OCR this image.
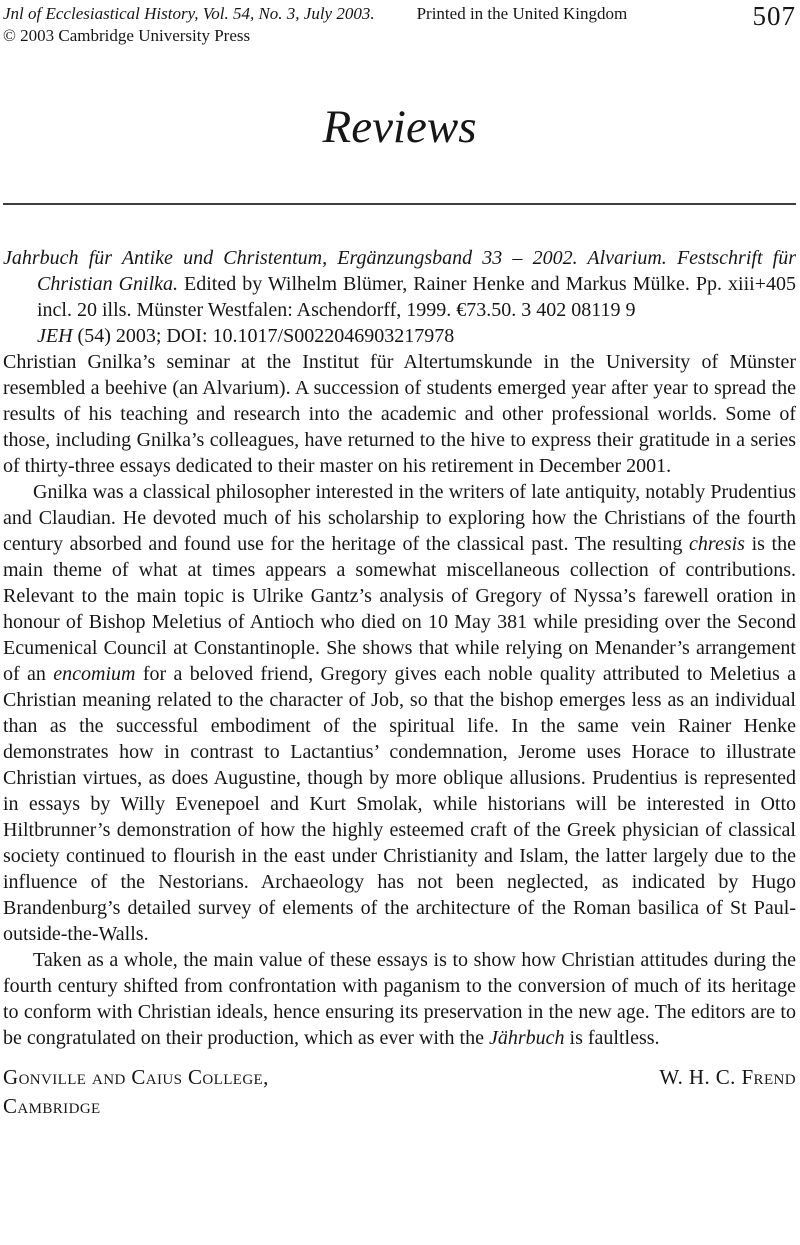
Jnl of Ecclesiastical History, Vol. 54, No. 3, July 2003. Printed in the United Kingdom
© 2003 Cambridge University Press
507
Reviews

Jahrbuch für Antike und Christentum, Ergänzungsband 33 – 2002. Alvarium. Festschrift für Christian Gnilka. Edited by Wilhelm Blümer, Rainer Henke and Markus Mülke. Pp. xiii+405 incl. 20 ills. Münster Westfalen: Aschendorff, 1999. €73.50. 3 402 08119 9

JEH (54) 2003; DOI: 10.1017/S0022046903217978

Christian Gnilka’s seminar at the Institut für Altertumskunde in the University of Münster resembled a beehive (an Alvarium). A succession of students emerged year after year to spread the results of his teaching and research into the academic and other professional worlds. Some of those, including Gnilka’s colleagues, have returned to the hive to express their gratitude in a series of thirty-three essays dedicated to their master on his retirement in December 2001.

Gnilka was a classical philosopher interested in the writers of late antiquity, notably Prudentius and Claudian. He devoted much of his scholarship to exploring how the Christians of the fourth century absorbed and found use for the heritage of the classical past. The resulting chresis is the main theme of what at times appears a somewhat miscellaneous collection of contributions. Relevant to the main topic is Ulrike Gantz’s analysis of Gregory of Nyssa’s farewell oration in honour of Bishop Meletius of Antioch who died on 10 May 381 while presiding over the Second Ecumenical Council at Constantinople. She shows that while relying on Menander’s arrangement of an encomium for a beloved friend, Gregory gives each noble quality attributed to Meletius a Christian meaning related to the character of Job, so that the bishop emerges less as an individual than as the successful embodiment of the spiritual life. In the same vein Rainer Henke demonstrates how in contrast to Lactantius’ condemnation, Jerome uses Horace to illustrate Christian virtues, as does Augustine, though by more oblique allusions. Prudentius is represented in essays by Willy Evenepoel and Kurt Smolak, while historians will be interested in Otto Hiltbrunner’s demonstration of how the highly esteemed craft of the Greek physician of classical society continued to flourish in the east under Christianity and Islam, the latter largely due to the influence of the Nestorians. Archaeology has not been neglected, as indicated by Hugo Brandenburg’s detailed survey of elements of the architecture of the Roman basilica of St Paul-outside-the-Walls.

Taken as a whole, the main value of these essays is to show how Christian attitudes during the fourth century shifted from confrontation with paganism to the conversion of much of its heritage to conform with Christian ideals, hence ensuring its preservation in the new age. The editors are to be congratulated on their production, which as ever with the Jährbuch is faultless.

Gonville and Caius College,	W. H. C. Frend
Cambridge
